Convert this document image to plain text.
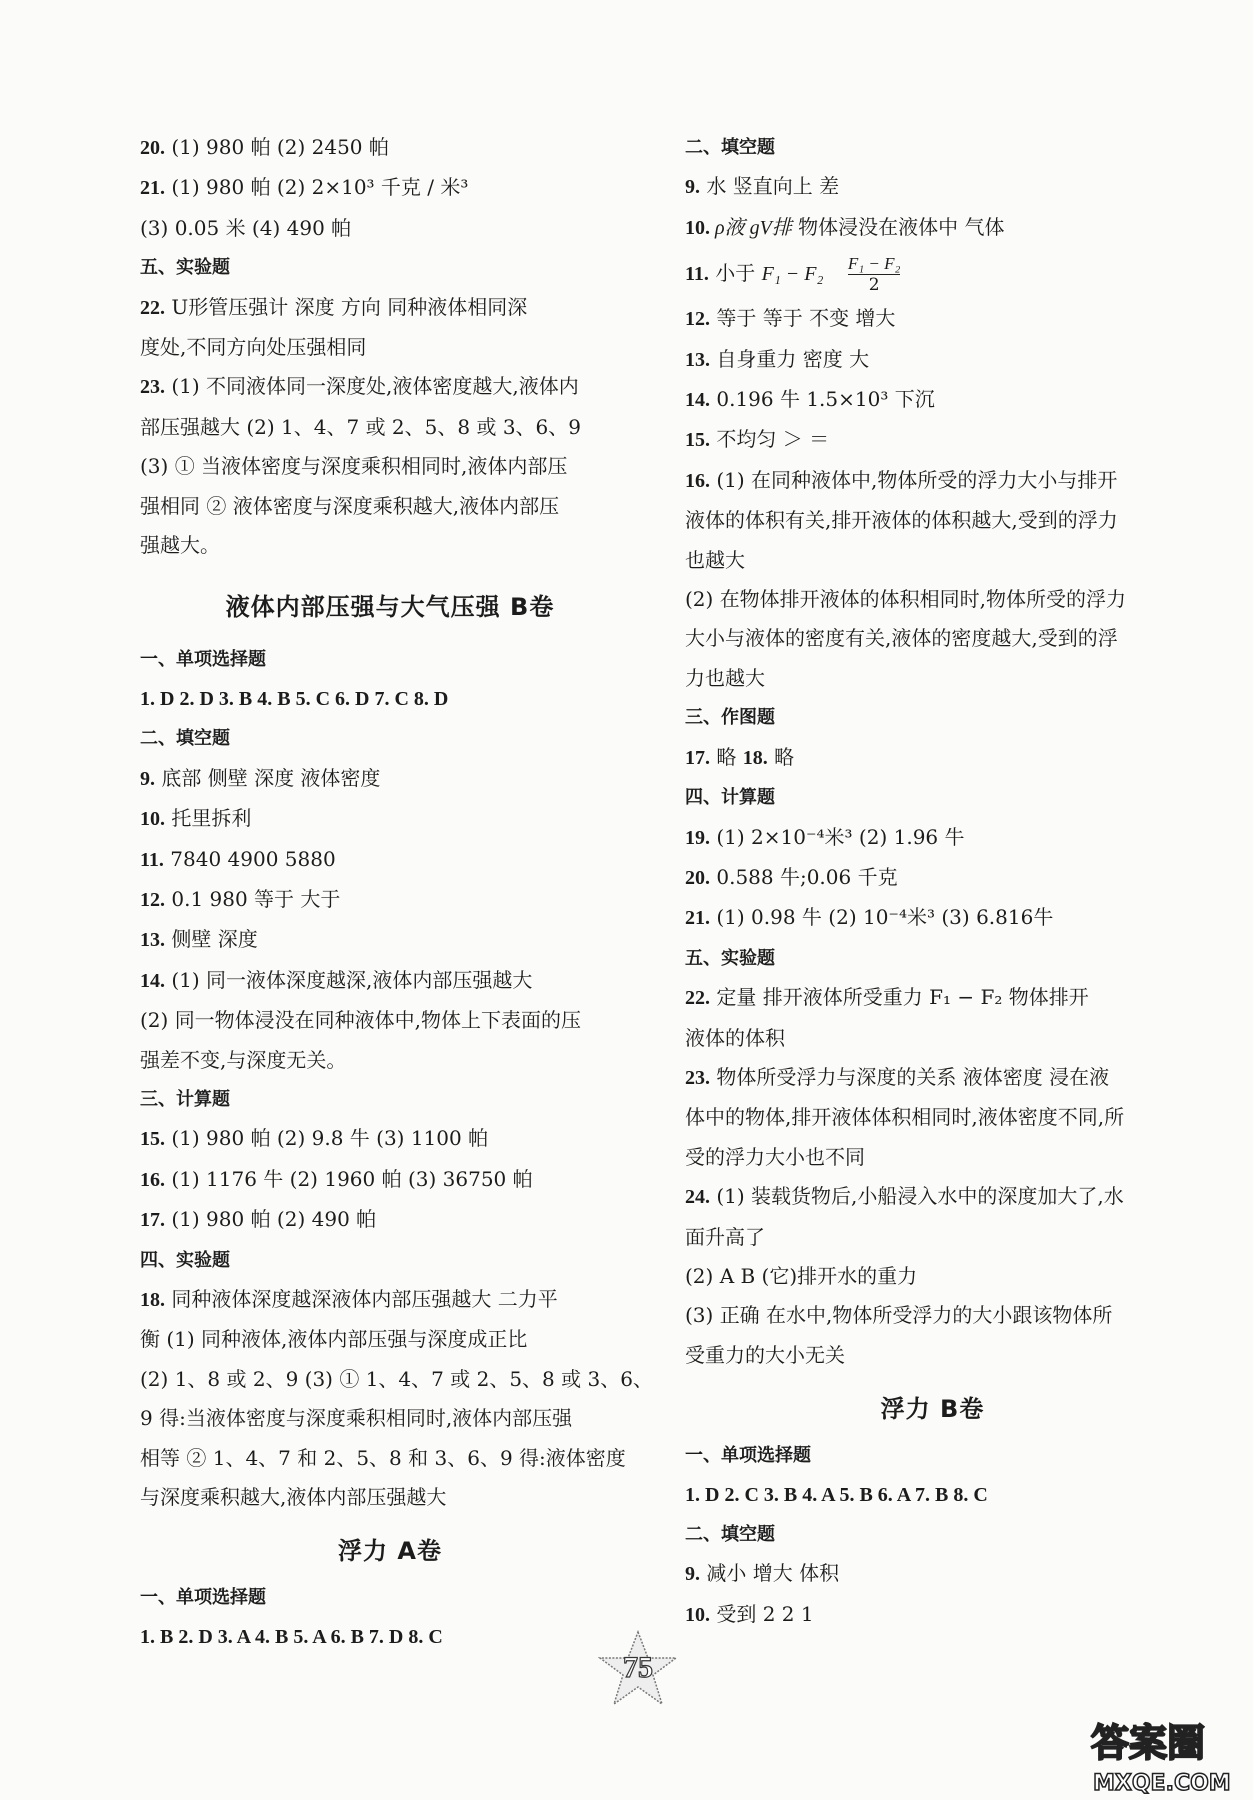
20. (1) 980 帕 (2) 2450 帕
21. (1) 980 帕 (2) 2×10³ 千克 / 米³
(3) 0.05 米 (4) 490 帕
五、实验题
22. U形管压强计 深度 方向 同种液体相同深
度处,不同方向处压强相同
23. (1) 不同液体同一深度处,液体密度越大,液体内
部压强越大 (2) 1、4、7 或 2、5、8 或 3、6、9
(3) ① 当液体密度与深度乘积相同时,液体内部压
强相同 ② 液体密度与深度乘积越大,液体内部压
强越大。
液体内部压强与大气压强 B卷
一、单项选择题
1. D 2. D 3. B 4. B 5. C 6. D 7. C 8. D
二、填空题
9. 底部 侧壁 深度 液体密度
10. 托里拆利
11. 7840 4900 5880
12. 0.1 980 等于 大于
13. 侧壁 深度
14. (1) 同一液体深度越深,液体内部压强越大
(2) 同一物体浸没在同种液体中,物体上下表面的压
强差不变,与深度无关。
三、计算题
15. (1) 980 帕 (2) 9.8 牛 (3) 1100 帕
16. (1) 1176 牛 (2) 1960 帕 (3) 36750 帕
17. (1) 980 帕 (2) 490 帕
四、实验题
18. 同种液体深度越深液体内部压强越大 二力平
衡 (1) 同种液体,液体内部压强与深度成正比
(2) 1、8 或 2、9 (3) ① 1、4、7 或 2、5、8 或 3、6、
9 得:当液体密度与深度乘积相同时,液体内部压强
相等 ② 1、4、7 和 2、5、8 和 3、6、9 得:液体密度
与深度乘积越大,液体内部压强越大
浮力 A卷
一、单项选择题
1. B 2. D 3. A 4. B 5. A 6. B 7. D 8. C
二、填空题
9. 水 竖直向上 差
10. ρ液 gV排 物体浸没在液体中 气体
11. 小于 $F_1 - F_2 \frac{\text{F₁ − F₂}}{2}$
12. 等于 等于 不变 增大
13. 自身重力 密度 大
14. 0.196 牛 1.5×10³ 下沉
15. 不均匀 ＞ ＝
16. (1) 在同种液体中,物体所受的浮力大小与排开
液体的体积有关,排开液体的体积越大,受到的浮力
也越大
(2) 在物体排开液体的体积相同时,物体所受的浮力
大小与液体的密度有关,液体的密度越大,受到的浮
力也越大
三、作图题
17. 略 18. 略
四、计算题
19. (1) 2×10⁻⁴米³ (2) 1.96 牛
20. 0.588 牛;0.06 千克
21. (1) 0.98 牛 (2) 10⁻⁴米³ (3) 6.816牛
五、实验题
22. 定量 排开液体所受重力 F₁ − F₂ 物体排开
液体的体积
23. 物体所受浮力与深度的关系 液体密度 浸在液
体中的物体,排开液体体积相同时,液体密度不同,所
受的浮力大小也不同
24. (1) 装载货物后,小船浸入水中的深度加大了,水
面升高了
(2) A B (它)排开水的重力
(3) 正确 在水中,物体所受浮力的大小跟该物体所
受重力的大小无关
浮力 B卷
一、单项选择题
1. D 2. C 3. B 4. A 5. B 6. A 7. B 8. C
二、填空题
9. 减小 增大 体积
10. 受到 2 2 1
75
答案圈
MXQE.COM
